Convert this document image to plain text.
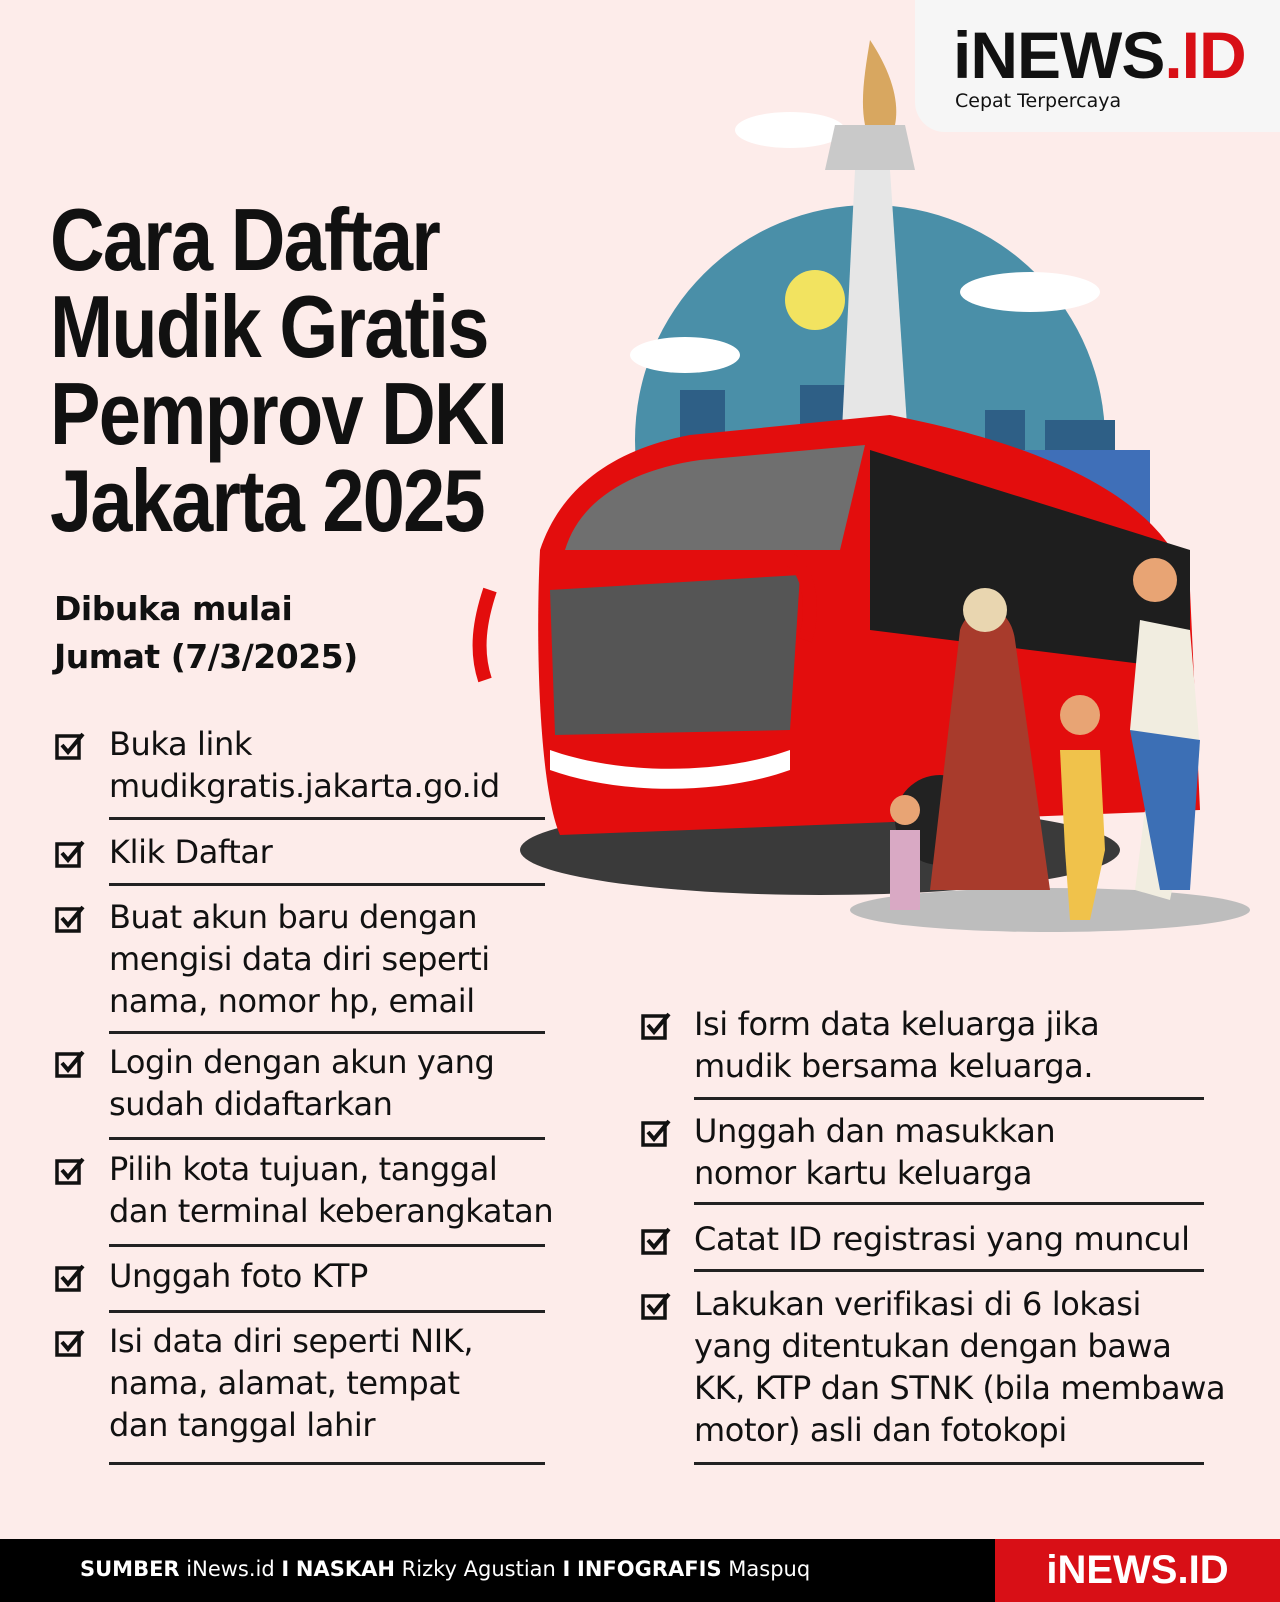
iNEWS.ID
Cepat Terpercaya
Cara Daftar
Mudik Gratis
Pemprov DKI
Jakarta 2025
Dibuka mulai
Jumat (7/3/2025)
Buka link
mudikgratis.jakarta.go.id
Klik Daftar
Buat akun baru dengan
mengisi data diri seperti
nama, nomor hp, email
Login dengan akun yang
sudah didaftarkan
Pilih kota tujuan, tanggal
dan terminal keberangkatan
Unggah foto KTP
Isi data diri seperti NIK,
nama, alamat, tempat
dan tanggal lahir
Isi form data keluarga jika
mudik bersama keluarga.
Unggah dan masukkan
nomor kartu keluarga
Catat ID registrasi yang muncul
Lakukan verifikasi di 6 lokasi
yang ditentukan dengan bawa
KK, KTP dan STNK (bila membawa
motor) asli dan fotokopi
SUMBER iNews.id I NASKAH Rizky Agustian I INFOGRAFIS Maspuq	iNEWS.ID
